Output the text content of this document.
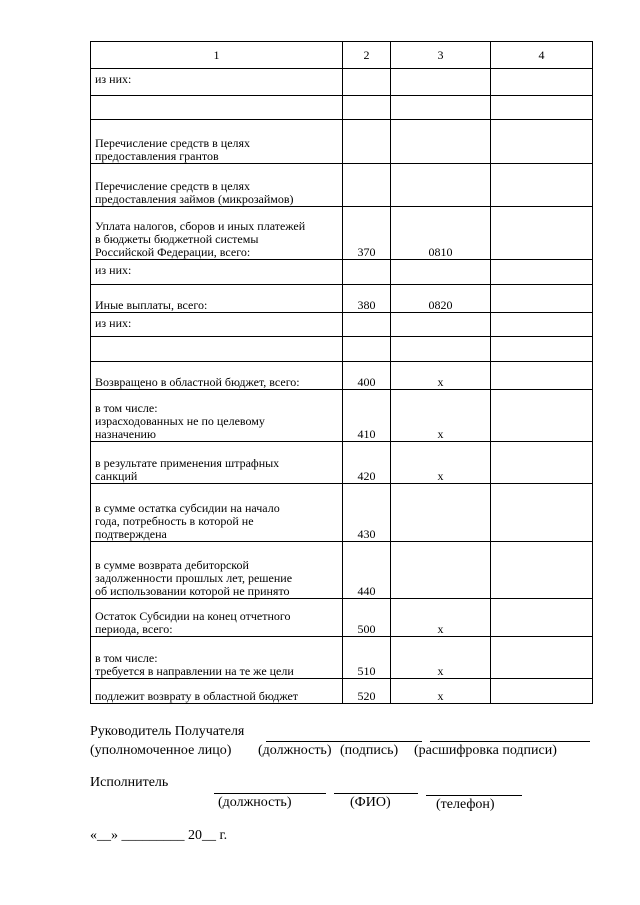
1	2	3	4

из них:			

Перечисление средств в целях
предоставления грантов			

Перечисление средств в целях
предоставления займов (микрозаймов)			

Уплата налогов, сборов и иных платежей
в бюджеты бюджетной системы
Российской Федерации, всего:	370	0810	

из них:			

Иные выплаты, всего:	380	0820	

из них:			

Возвращено в областной бюджет, всего:	400	x	

в том числе:
израсходованных не по целевому
назначению	410	x	

в результате применения штрафных
санкций	420	x	

в сумме остатка субсидии на начало
года, потребность в которой не
подтверждена	430		

в сумме возврата дебиторской
задолженности прошлых лет, решение
об использовании которой не принято	440		

Остаток Субсидии на конец отчетного
периода, всего:	500	x	

в том числе:
требуется в направлении на те же цели	510	x	

подлежит возврату в областной бюджет	520	x	
Руководитель Получателя
(уполномоченное лицо) (должность) (подпись) (расшифровка подписи)
Исполнитель
(должность)	(ФИО)	(телефон)
«__» _________ 20__ г.
